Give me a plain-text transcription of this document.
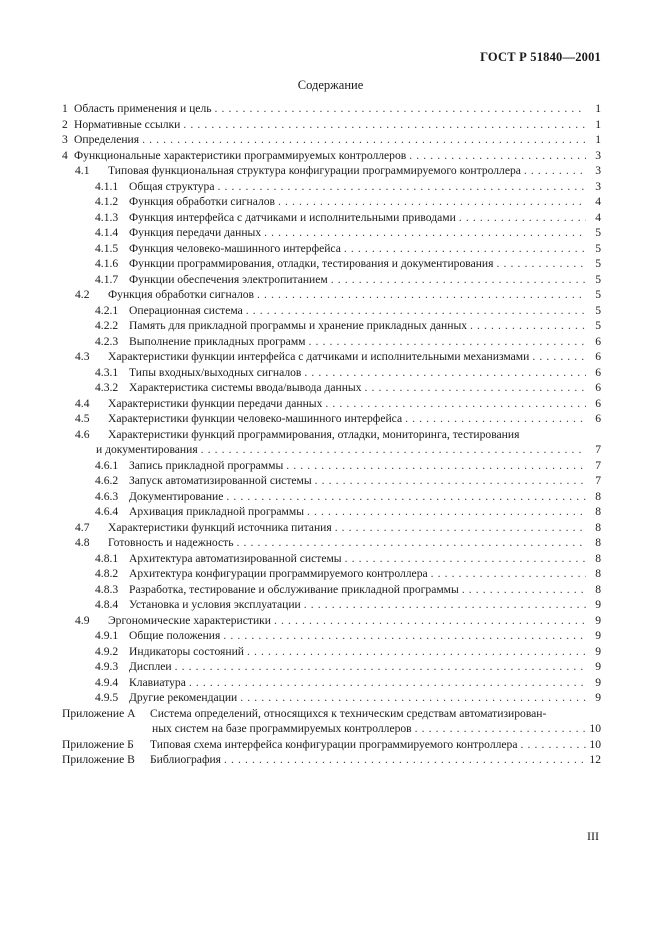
ГОСТ Р 51840—2001
Содержание
1 Область применения и цель . . .	1
2 Нормативные ссылки . . .	1
3 Определения . . .	1
4 Функциональные характеристики программируемых контроллеров . . .	3
4.1	Типовая функциональная структура конфигурации программируемого контроллера . . .	3
4.1.1 Общая структура . . .	3
4.1.2 Функция обработки сигналов . . .	4
4.1.3 Функция интерфейса с датчиками и исполнительными приводами . . .	4
4.1.4 Функция передачи данных . . .	5
4.1.5 Функция человеко-машинного интерфейса . . .	5
4.1.6 Функции программирования, отладки, тестирования и документирования . . .	5
4.1.7 Функции обеспечения электропитанием . . .	5
4.2	Функция обработки сигналов . . .	5
4.2.1 Операционная система . . .	5
4.2.2 Память для прикладной программы и хранение прикладных данных . . .	5
4.2.3 Выполнение прикладных программ . . .	6
4.3	Характеристики функции интерфейса с датчиками и исполнительными механизмами . . .	6
4.3.1 Типы входных/выходных сигналов . . .	6
4.3.2 Характеристика системы ввода/вывода данных . . .	6
4.4	Характеристики функции передачи данных . . .	6
4.5	Характеристики функции человеко-машинного интерфейса . . .	6
4.6	Характеристики функций программирования, отладки, мониторинга, тестирования
и документирования . . .	7
4.6.1 Запись прикладной программы . . .	7
4.6.2 Запуск автоматизированной системы . . .	7
4.6.3 Документирование . . .	8
4.6.4 Архивация прикладной программы . . .	8
4.7	Характеристики функций источника питания . . .	8
4.8	Готовность и надежность . . .	8
4.8.1 Архитектура автоматизированной системы . . .	8
4.8.2 Архитектура конфигурации программируемого контроллера . . .	8
4.8.3 Разработка, тестирование и обслуживание прикладной программы . . .	8
4.8.4 Установка и условия эксплуатации . . .	9
4.9	Эргономические характеристики . . .	9
4.9.1 Общие положения . . .	9
4.9.2 Индикаторы состояний . . .	9
4.9.3 Дисплеи . . .	9
4.9.4 Клавиатура . . .	9
4.9.5 Другие рекомендации . . .	9
Приложение А	Система определений, относящихся к техническим средствам автоматизирован-
ных систем на базе программируемых контроллеров . . .	10
Приложение Б	Типовая схема интерфейса конфигурации программируемого контроллера . . .	10
Приложение В	Библиография . . .	12
III
